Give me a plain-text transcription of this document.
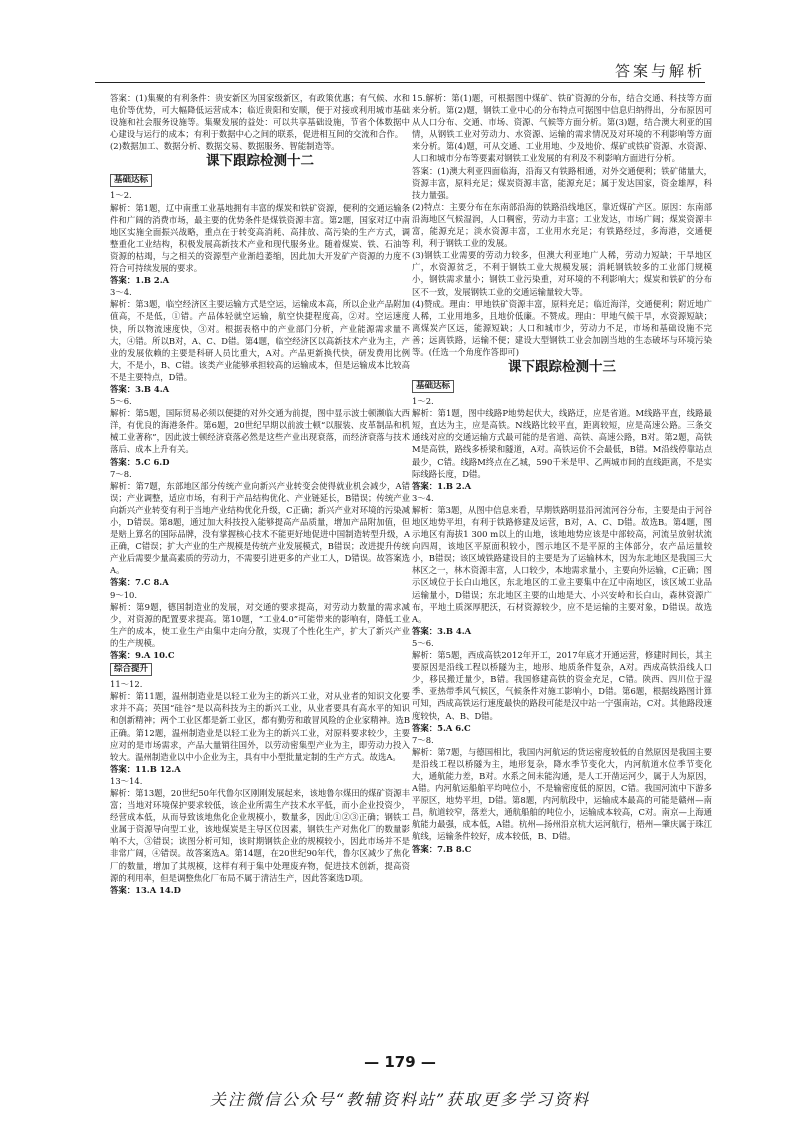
答案与解析

答案：(1)集聚的有利条件：贵安新区为国家级新区，有政策优惠；有气候、水和电价等优势，可大幅降低运营成本；临近贵阳和安顺，便于对接或利用城市基础设施和社会服务设施等。集聚发展的益处：可以共享基础设施，节省个体数据中心建设与运行的成本；有利于数据中心之间的联系，促进相互间的交流和合作。

(2)数据加工、数据分析、数据交易、数据服务、智能制造等。

课下跟踪检测十二
基础达标

1～2.

解析：第1题，辽中南重工业基地拥有丰富的煤炭和铁矿资源，便利的交通运输条件和广阔的消费市场，最主要的优势条件是煤铁资源丰富。第2题，国家对辽中南地区实施全面振兴战略，重点在于转变高消耗、高排放、高污染的生产方式，调整重化工业结构，积极发展高新技术产业和现代服务业。随着煤炭、铁、石油等资源的枯竭，与之相关的资源型产业渐趋萎缩，因此加大开发矿产资源的力度不符合可持续发展的要求。

答案：1.B 2.A

3～4.

解析：第3题，临空经济区主要运输方式是空运，运输成本高，所以企业产品附加值高，不是低，①错。产品体轻就空运输，航空快捷程度高，②对。空运速度快，所以物流速度快，③对。根据表格中的产业部门分析，产业能源需求量不大，④错。所以B对，A、C、D错。第4题，临空经济区以高新技术产业为主，产业的发展依赖的主要是科研人员比重大，A对。产品更新换代快，研发费用比例大，不是小，B、C错。该类产业能够承担较高的运输成本，但是运输成本比较高不是主要特点，D错。

答案：3.B 4.A

5～6.

解析：第5题，国际贸易必须以便捷的对外交通为前提，图中显示波士顿濒临大西洋，有优良的海港条件。第6题，20世纪早期以前波士顿“以服装、皮革制品和机械工业著称”，因此波士顿经济衰落必然是这些产业出现衰落，而经济衰落与技术落后、成本上升有关。

答案：5.C 6.D

7～8.

解析：第7题，东部地区部分传统产业向新兴产业转变会使得就业机会减少，A错误；产业调整，适应市场，有利于产品结构优化、产业链延长，B错误；传统产业向新兴产业转变有利于当地产业结构优化升级，C正确；新兴产业对环境的污染减小，D错误。第8题，通过加大科技投入能够提高产品质量，增加产品附加值，但是赔上算名的国际品牌，没有掌握核心技术不能更好地促进中国制造转型升级，A正确，C错误；扩大产业的生产规模是传统产业发展模式，B错误；改进提升传统产业后需要少量高素质的劳动力，不需要引进更多的产业工人，D错误。故答案选A。

答案：7.C 8.A

9～10.

解析：第9题，德国制造业的发展，对交通的要求提高，对劳动力数量的需求减少，对资源的配置要求提高。第10题，“工业4.0”可能带来的影响有，降低工业生产的成本，使工业生产由集中走向分散，实现了个性化生产，扩大了新兴产业的生产规模。

答案：9.A 10.C

综合提升

11～12.

解析：第11题，温州制造业是以轻工业为主的新兴工业，对从业者的知识文化要求并不高；英国“硅谷”是以高科技为主的新兴工业，从业者要具有高水平的知识和创新精神；两个工业区都是新工业区，都有勤劳和敢冒风险的企业家精神。选B正确。第12题，温州制造业是以轻工业为主的新兴工业，对原料要求较少，主要应对的是市场需求，产品大量销往国外，以劳动密集型产业为主，即劳动力投入较大。温州制造业以中小企业为主，具有中小型批量定制的生产方式。故选A。

答案：11.B 12.A

13～14.

解析：第13题，20世纪50年代鲁尔区刚刚发展起来，该地鲁尔煤田的煤矿资源丰富；当地对环境保护要求较低，该企业所需生产技术水平低，而小企业投资少，经营成本低，从而导致该地焦化企业规模小，数量多，因此①②③正确；钢铁工业属于资源导向型工业，该地煤炭是主导区位因素，钢铁生产对焦化厂的数量影响不大，③错误；读图分析可知，该时期钢铁企业的规模较小，因此市场并不是非常广阔，④错误。故答案选A。第14题，在20世纪90年代，鲁尔区减少了焦化厂的数量，增加了其规模，这样有利于集中处理废弃物，促进技术创新，提高资源的利用率，但是调整焦化厂布局不属于清洁生产，因此答案选D项。

答案：13.A 14.D

15.解析：第(1)题，可根据图中煤矿、铁矿资源的分布，结合交通、科技等方面来分析。第(2)题，钢铁工业中心的分布特点可据图中信息归纳得出，分布原因可从人口分布、交通、市场、资源、气候等方面分析。第(3)题，结合澳大利亚的国情，从钢铁工业对劳动力、水资源、运输的需求情况及对环境的不利影响等方面来分析。第(4)题，可从交通、工业用地、少及地价、煤矿或铁矿资源、水资源、人口和城市分布等要素对钢铁工业发展的有利及不利影响方面进行分析。

答案：(1)澳大利亚四面临海，沿海又有铁路相通，对外交通便利；铁矿储量大，资源丰富，原料充足；煤炭资源丰富，能源充足；属于发达国家，资金雄厚，科技力量强。

(2)特点：主要分布在东南部沿海的铁路沿线地区，靠近煤矿产区。原因：东南部沿海地区气候湿润，人口稠密，劳动力丰富；工业发达，市场广阔；煤炭资源丰富，能源充足；淡水资源丰富，工业用水充足；有铁路经过，多海港，交通便利，利于钢铁工业的发展。

(3)钢铁工业需要的劳动力较多，但澳大利亚地广人稀，劳动力短缺；干旱地区广，水资源贫乏，不利于钢铁工业大规模发展；消耗钢铁较多的工业部门规模小，钢铁需求量小；钢铁工业污染重，对环境的不利影响大；煤炭和铁矿的分布区不一致，发展钢铁工业的交通运输量较大等。

(4)赞成。理由：甲地铁矿资源丰富，原料充足；临近海洋，交通便利；附近地广人稀，工业用地多，且地价低廉。不赞成。理由：甲地气候干旱，水资源短缺；离煤炭产区远，能源短缺；人口和城市少，劳动力不足，市场和基础设施不完善；远离铁路，运输不便；建设大型钢铁工业会加剧当地的生态破坏与环境污染等。(任选一个角度作答即可)

课下跟踪检测十三
基础达标

1～2.

解析：第1题，图中线路P地势起伏大，线路迂，应是省道。M线路平直，线路最短，直达为主，应是高铁。N线路比较平直，距离较短，应是高速公路。三条交通线对应的交通运输方式最可能的是省道、高铁、高速公路，B对。第2题，高铁M是高铁，路线多桥梁和隧道，A对。高铁运价不会最低，B错。M沿线停靠站点最少，C错。线路M终点在乙城，590千米是甲、乙两城市间的直线距离，不是实际线路长度，D错。

答案：1.B 2.A

3～4.

解析：第3题，从图中信息来看，早期铁路明显沿河流河谷分布，主要是由于河谷地区地势平坦，有利于铁路修建及运营，B对，A、C、D错。故选B。第4题，图示地区有海拔1 300 m以上的山地，该地地势应该是中部较高，河流呈放射状流向四周，该地区平原面积较小，图示地区不是平原的主体部分，农产品运量较小，B错误；该区域铁路建设目的主要是为了运输林木，因为东北地区是我国三大林区之一，林木资源丰富，人口较少，本地需求量小，主要向外运输，C正确；图示区域位于长白山地区，东北地区的工业主要集中在辽中南地区，该区域工业品运输量小，D错误；东北地区主要的山地是大、小兴安岭和长白山，森林资源广布，平地土质深厚肥沃，石材资源较少，应不是运输的主要对象，D错误。故选A。

答案：3.B 4.A

5～6.

解析：第5题，西成高铁2012年开工，2017年底才开通运营，修建时间长，其主要原因是沿线工程以桥隧为主，地形、地质条件复杂，A对。西成高铁沿线人口少，移民搬迁量少，B错。我国修建高铁的资金充足，C错。陕西、四川位于湿季、亚热带季风气候区，气候条件对施工影响小，D错。第6题，根据线路图计算可知，西成高铁运行速度最快的路段可能是汉中站一宁强南站，C对。其他路段速度较快，A、B、D错。

答案：5.A 6.C

7～8.

解析：第7题，与德国相比，我国内河航运的货运密度较低的自然原因是我国主要是沿线工程以桥隧为主，地形复杂，降水季节变化大，内河航道水位季节变化大，通航能力差，B对。水系之间未能沟通，是人工开凿运河少，属于人为原因，A错。内河航运船舶平均吨位小，不是输密度低的原因，C错。我国河流中下游多平原区，地势平坦，D错。第8题，内河航段中，运输成本最高的可能是赣州—南昌，航道较窄，落差大，通航船舶的吨位小，运输成本较高，C对。南京—上海通航能力最强，成本低，A错。杭州—扬州沿京杭大运河航行，梧州—肇庆属于珠江航线，运输条件较好，成本较低，B、D错。

答案：7.B 8.C

— 179 —
关注微信公众号“教辅资料站”获取更多学习资料
